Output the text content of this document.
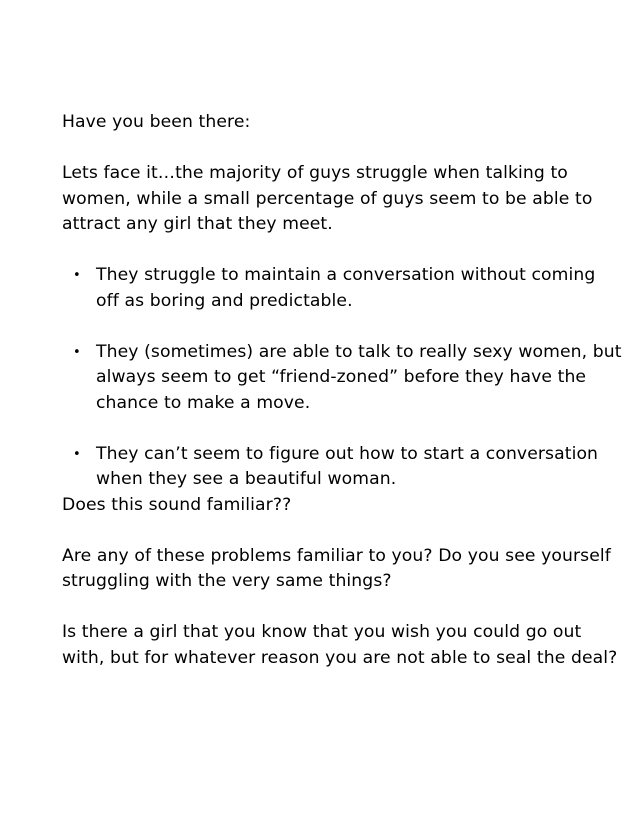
Have you been there:

Lets face it…the majority of guys struggle when talking to women, while a small percentage of guys seem to be able to attract any girl that they meet.

• They struggle to maintain a conversation without coming off as boring and predictable.
• They (sometimes) are able to talk to really sexy women, but always seem to get “friend-zoned” before they have the chance to make a move.
• They can’t seem to figure out how to start a conversation when they see a beautiful woman.

Does this sound familiar??

Are any of these problems familiar to you? Do you see yourself struggling with the very same things?

Is there a girl that you know that you wish you could go out with, but for whatever reason you are not able to seal the deal?
